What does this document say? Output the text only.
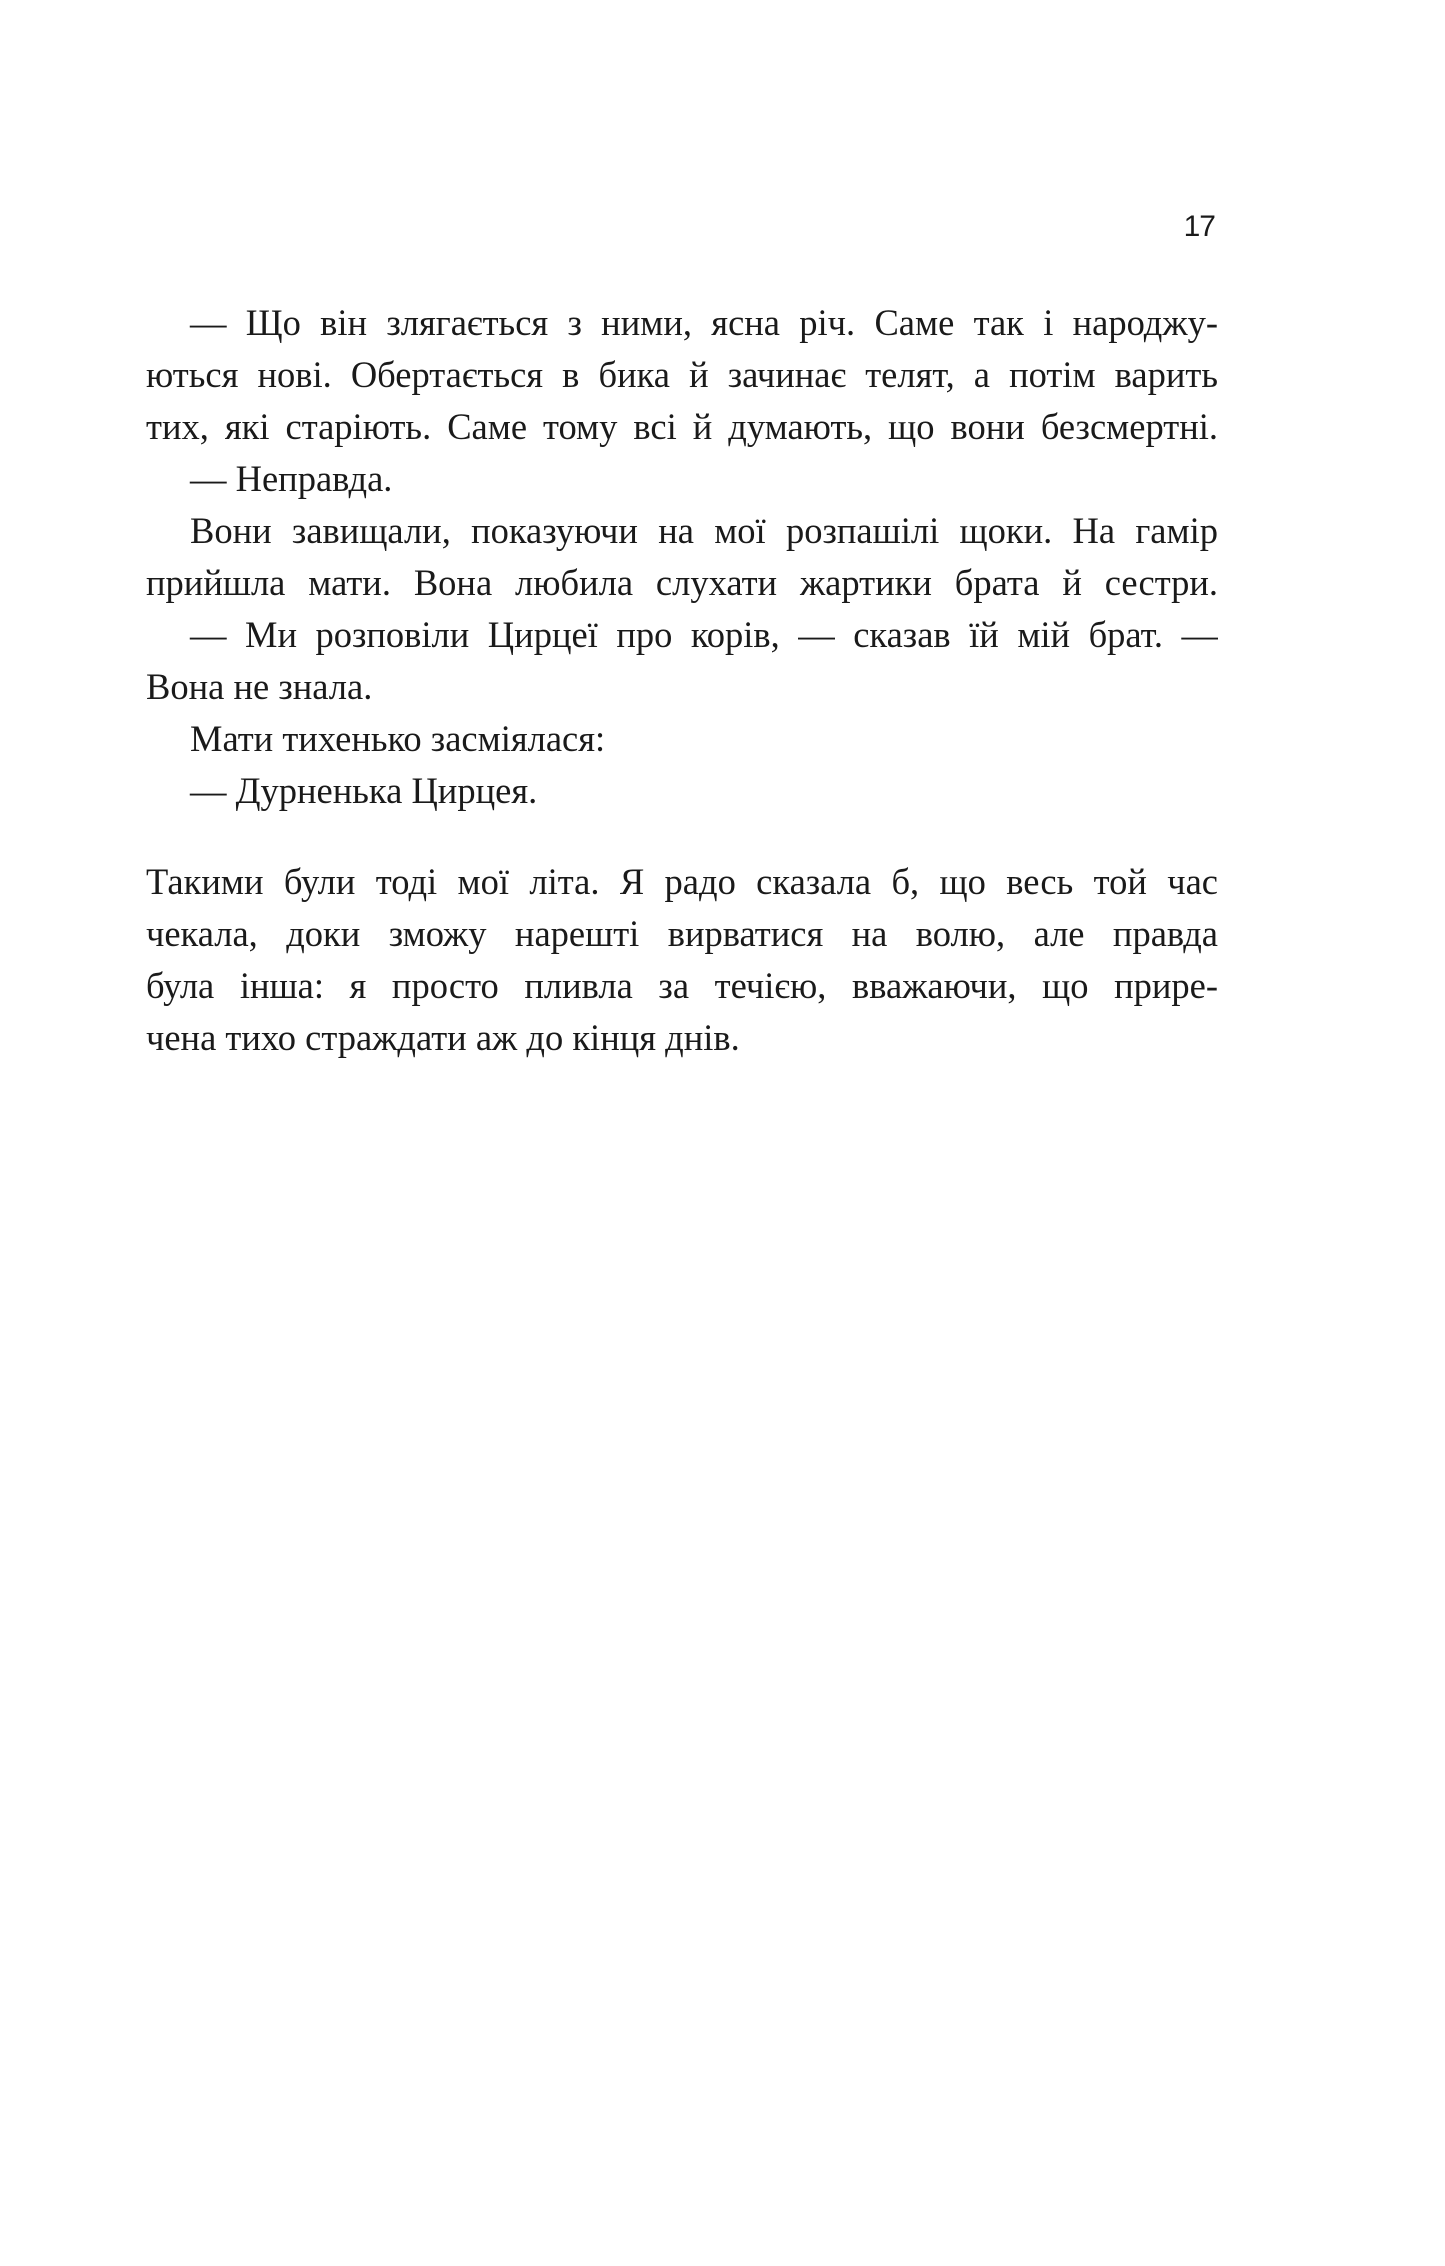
17
— Що він злягається з ними, ясна річ. Саме так і народжу-
ються нові. Обертається в бика й зачинає телят, а потім варить
тих, які старіють. Саме тому всі й думають, що вони безсмертні.
— Неправда.
Вони завищали, показуючи на мої розпашілі щоки. На гамір
прийшла мати. Вона любила слухати жартики брата й сестри.
— Ми розповіли Цирцеї про корів, — сказав їй мій брат. —
Вона не знала.
Мати тихенько засміялася:
— Дурненька Цирцея.
Такими були тоді мої літа. Я радо сказала б, що весь той час
чекала, доки зможу нарешті вирватися на волю, але правда
була інша: я просто пливла за течією, вважаючи, що прире-
чена тихо страждати аж до кінця днів.
